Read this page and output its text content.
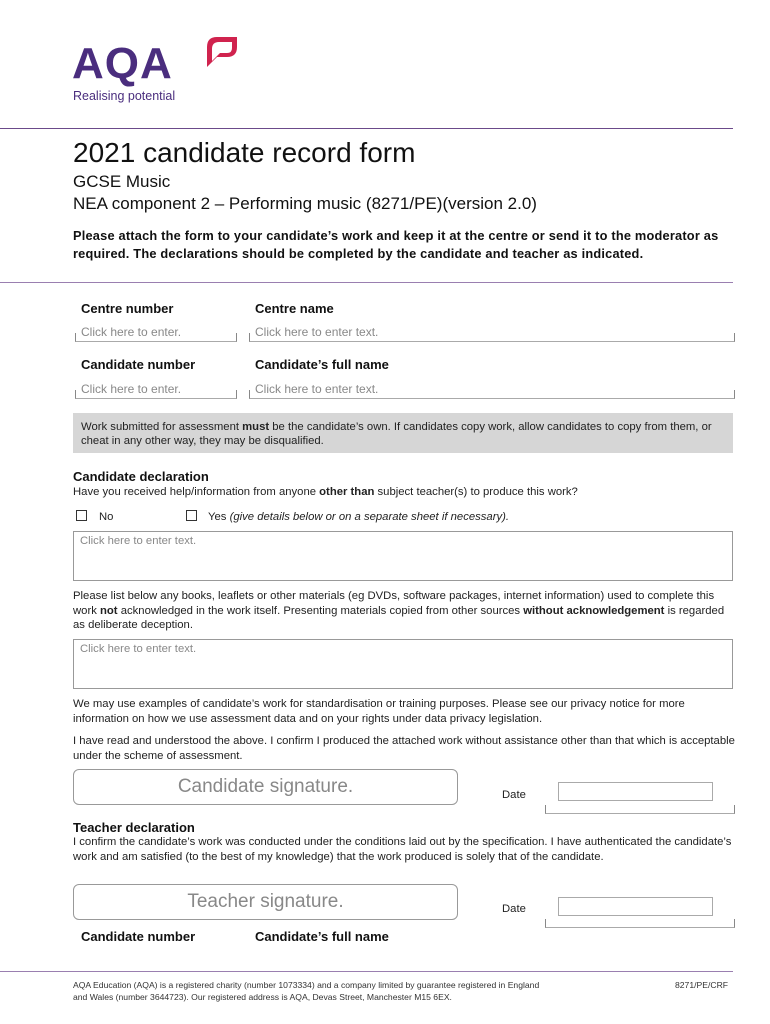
AQA
Realising potential
2021 candidate record form
GCSE Music
NEA component 2 – Performing music (8271/PE)(version 2.0)
Please attach the form to your candidate’s work and keep it at the centre or send it to the moderator as required. The declarations should be completed by the candidate and teacher as indicated.
Centre number	Centre name
Click here to enter.	Click here to enter text.
Candidate number	Candidate’s full name
Click here to enter.	Click here to enter text.
Work submitted for assessment must be the candidate’s own. If candidates copy work, allow candidates to copy from them, or cheat in any other way, they may be disqualified.
Candidate declaration
Have you received help/information from anyone other than subject teacher(s) to produce this work?
No	Yes (give details below or on a separate sheet if necessary).
Click here to enter text.
Please list below any books, leaflets or other materials (eg DVDs, software packages, internet information) used to complete this work not acknowledged in the work itself. Presenting materials copied from other sources without acknowledgement is regarded as deliberate deception.
Click here to enter text.
We may use examples of candidate’s work for standardisation or training purposes. Please see our privacy notice for more information on how we use assessment data and on your rights under data privacy legislation.
I have read and understood the above. I confirm I produced the attached work without assistance other than that which is acceptable under the scheme of assessment.
Candidate signature.	Date
Teacher declaration
I confirm the candidate’s work was conducted under the conditions laid out by the specification. I have authenticated the candidate’s work and am satisfied (to the best of my knowledge) that the work produced is solely that of the candidate.
Teacher signature.	Date
Candidate number	Candidate’s full name
AQA Education (AQA) is a registered charity (number 1073334) and a company limited by guarantee registered in England
and Wales (number 3644723). Our registered address is AQA, Devas Street, Manchester M15 6EX.
8271/PE/CRF
